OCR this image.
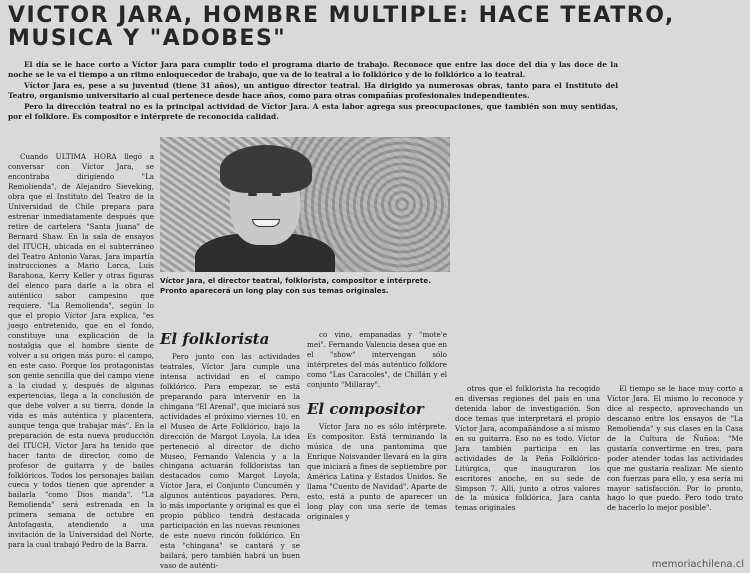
VICTOR JARA, HOMBRE MULTIPLE: HACE TEATRO, MUSICA Y "ADOBES"

El día se le hace corto a Víctor Jara para cumplir todo el programa diario de trabajo. Reconoce que entre las doce del día y las doce de la noche se le va el tiempo a un ritmo enloquecedor de trabajo, que va de lo teatral a lo folklórico y de lo folklórico a lo teatral.

Víctor Jara es, pese a su juventud (tiene 31 años), un antiguo director teatral. Ha dirigido ya numerosas obras, tanto para el Instituto del Teatro, organismo universitario al cual pertenece desde hace años, como para otras compañías profesionales independientes.

Pero la dirección teatral no es la principal actividad de Víctor Jara. A esta labor agrega sus preocupaciones, que también son muy sentidas, por el folklore. Es compositor e intérprete de reconocida calidad.

Cuando ULTIMA HORA llegó a conversar con Víctor Jara, se encontraba dirigiendo "La Remolienda", de Alejandro Sieveking, obra que el Instituto del Teatro de la Universidad de Chile prepara para estrenar inmediatamente después que retire de cartelera "Santa Juana" de Bernard Shaw. En la sala de ensayos del ITUCH, ubicada en el subterráneo del Teatro Antonio Varas, Jara impartía instrucciones a Mario Lorca, Luis Barahona, Kerry Keller y otras figuras del elenco para darle a la obra el auténtico sabor campesino que requiere. "La Remolienda", según lo que el propio Víctor Jara explica, "es juego entretenido, que en el fondo, constituye una explicación de la nostalgia que el hombre siente de volver a su origen más puro: el campo, en este caso. Porque los protagonistas son gente sencilla que del campo viene a la ciudad y, después de algunas experiencias, llega a la conclusión de que debe volver a su tierra, donde la vida es más auténtica y placentera, aunque tenga que trabajar más". En la preparación de esta nueva producción del ITUCH, Víctor Jara ha tenido que hacer tanto de director, como de profesor de guitarra y de bailes folklóricos. Todos los personajes bailan cueca y todos tienen que aprender a bailarla "como Dios manda". "La Remolienda" será estrenada en la primera semana de octubre en Antofagasta, atendiendo a una invitación de la Universidad del Norte, para la cual trabajó Pedro de la Barra.

Víctor Jara, el director teatral, folklorista, compositor e intérprete. Pronto aparecerá un long play con sus temas originales.
El folklorista

Pero junto con las actividades teatrales, Víctor Jara cumple una intensa actividad en el campo folklórico. Para empezar, se está preparando para intervenir en la chingana "El Arenal", que iniciará sus actividades el próximo viernes 10, en el Museo de Arte Folklórico, bajo la dirección de Margot Loyola. La idea perteneció al director de dicho Museo, Fernando Valencia y a la chingana actuarán folkloristas tan destacados como Margot Loyola, Víctor Jara, el Conjunto Cuncumén y algunos auténticos payadores. Pero, lo más importante y original es que el propio público tendrá destacada participación en las nuevas reuniones de este nuevo rincón folklórico. En esta "chingana" se cantará y se bailará, pero también habrá un buen vaso de auténti-

co vino, empanadas y "mote'e mei". Fernando Valencia desea que en el "show" intervengan sólo intérpretes del más auténtico folklore como "Las Caracoles", de Chillán y el conjunto "Millaray".

El compositor

Víctor Jara no es sólo intérprete. Es compositor. Está terminando la música de una pantomima que Enrique Noisvander llevará en la gira que iniciará a fines de septiembre por América Latina y Estados Unidos. Se llama "Cuento de Navidad". Aparte de esto, está a punto de aparecer un long play con una serie de temas originales y

otros que el folklorista ha recogido en diversas regiones del país en una detenida labor de investigación. Son doce temas que interpretará el propio Víctor Jara, acompañándose a sí mismo en su guitarra. Eso no es todo. Víctor Jara también participa en las actividades de la Peña Folklórico-Litúrgica, que inauguraron los escritores anoche, en su sede de Simpson 7. Allí, junto a otros valores de la música folklórica, Jara canta temas originales

El tiempo se le hace muy corto a Víctor Jara. El mismo lo reconoce y dice al respecto, aprovechando un descanso entre los ensayos de "La Remolienda" y sus clases en la Casa de la Cultura de Ñuñoa: "Me gustaría convertirme en tres, para poder atender todas las actividades que me gustaría realizar. Me siento con fuerzas para ello, y esa sería mi mayor satisfacción. Por lo pronto, hago lo que puedo. Pero todo trato de hacerlo lo mejor posible".

memoriachilena.cl
